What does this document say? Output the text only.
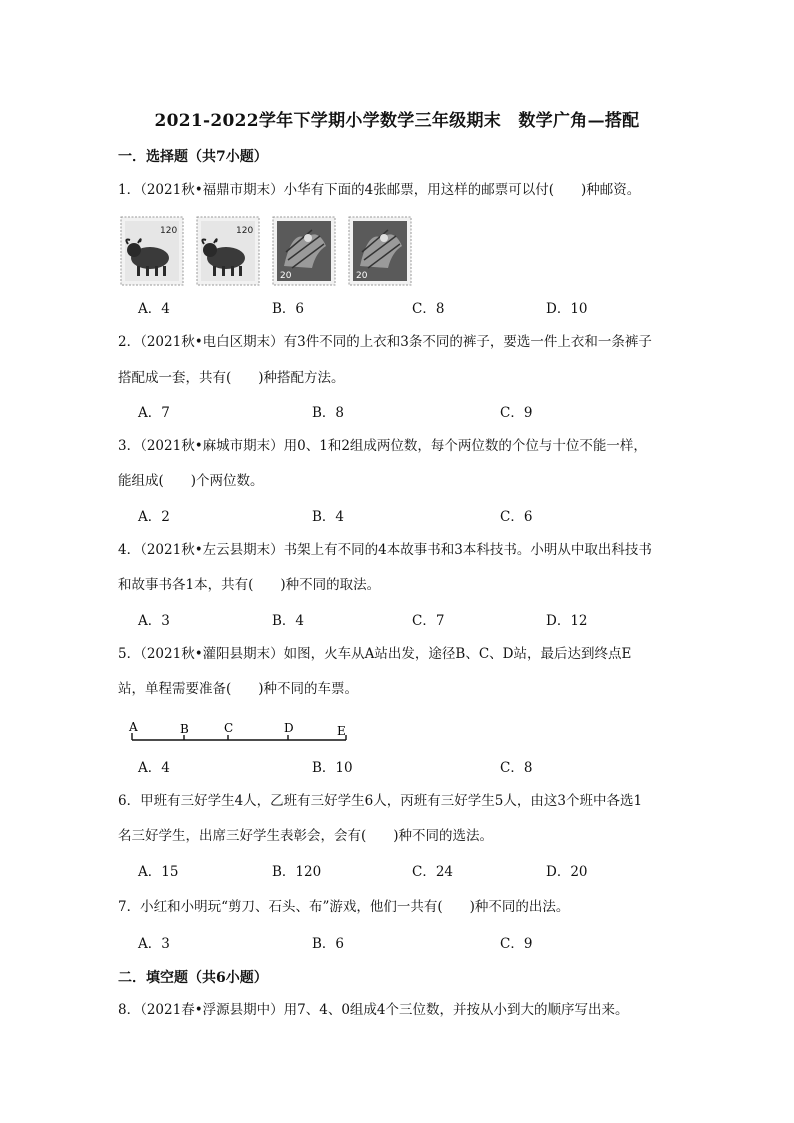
2021-2022学年下学期小学数学三年级期末　数学广角—搭配
一．选择题（共7小题）
1．（2021秋•福鼎市期末）小华有下面的4张邮票，用这样的邮票可以付(　　)种邮资。
120	120
20	20
A．4	B．6	C．8	D．10
2．（2021秋•电白区期末）有3件不同的上衣和3条不同的裤子，要选一件上衣和一条裤子
搭配成一套，共有(　　)种搭配方法。
A．7	B．8	C．9
3．（2021秋•麻城市期末）用0、1和2组成两位数，每个两位数的个位与十位不能一样，
能组成(　　)个两位数。
A．2	B．4	C．6
4．（2021秋•左云县期末）书架上有不同的4本故事书和3本科技书。小明从中取出科技书
和故事书各1本，共有(　　)种不同的取法。
A．3	B．4	C．7	D．12
5．（2021秋•灌阳县期末）如图，火车从A站出发，途径B、C、D站，最后达到终点E
站，单程需要准备(　　)种不同的车票。
A	B	C	D	E
A．4	B．10	C．8
6．甲班有三好学生4人，乙班有三好学生6人，丙班有三好学生5人，由这3个班中各选1
名三好学生，出席三好学生表彰会，会有(　　)种不同的选法。
A．15	B．120	C．24	D．20
7．小红和小明玩“剪刀、石头、布”游戏，他们一共有(　　)种不同的出法。
A．3	B．6	C．9
二．填空题（共6小题）
8．（2021春•浮源县期中）用7、4、0组成4个三位数，并按从小到大的顺序写出来。
